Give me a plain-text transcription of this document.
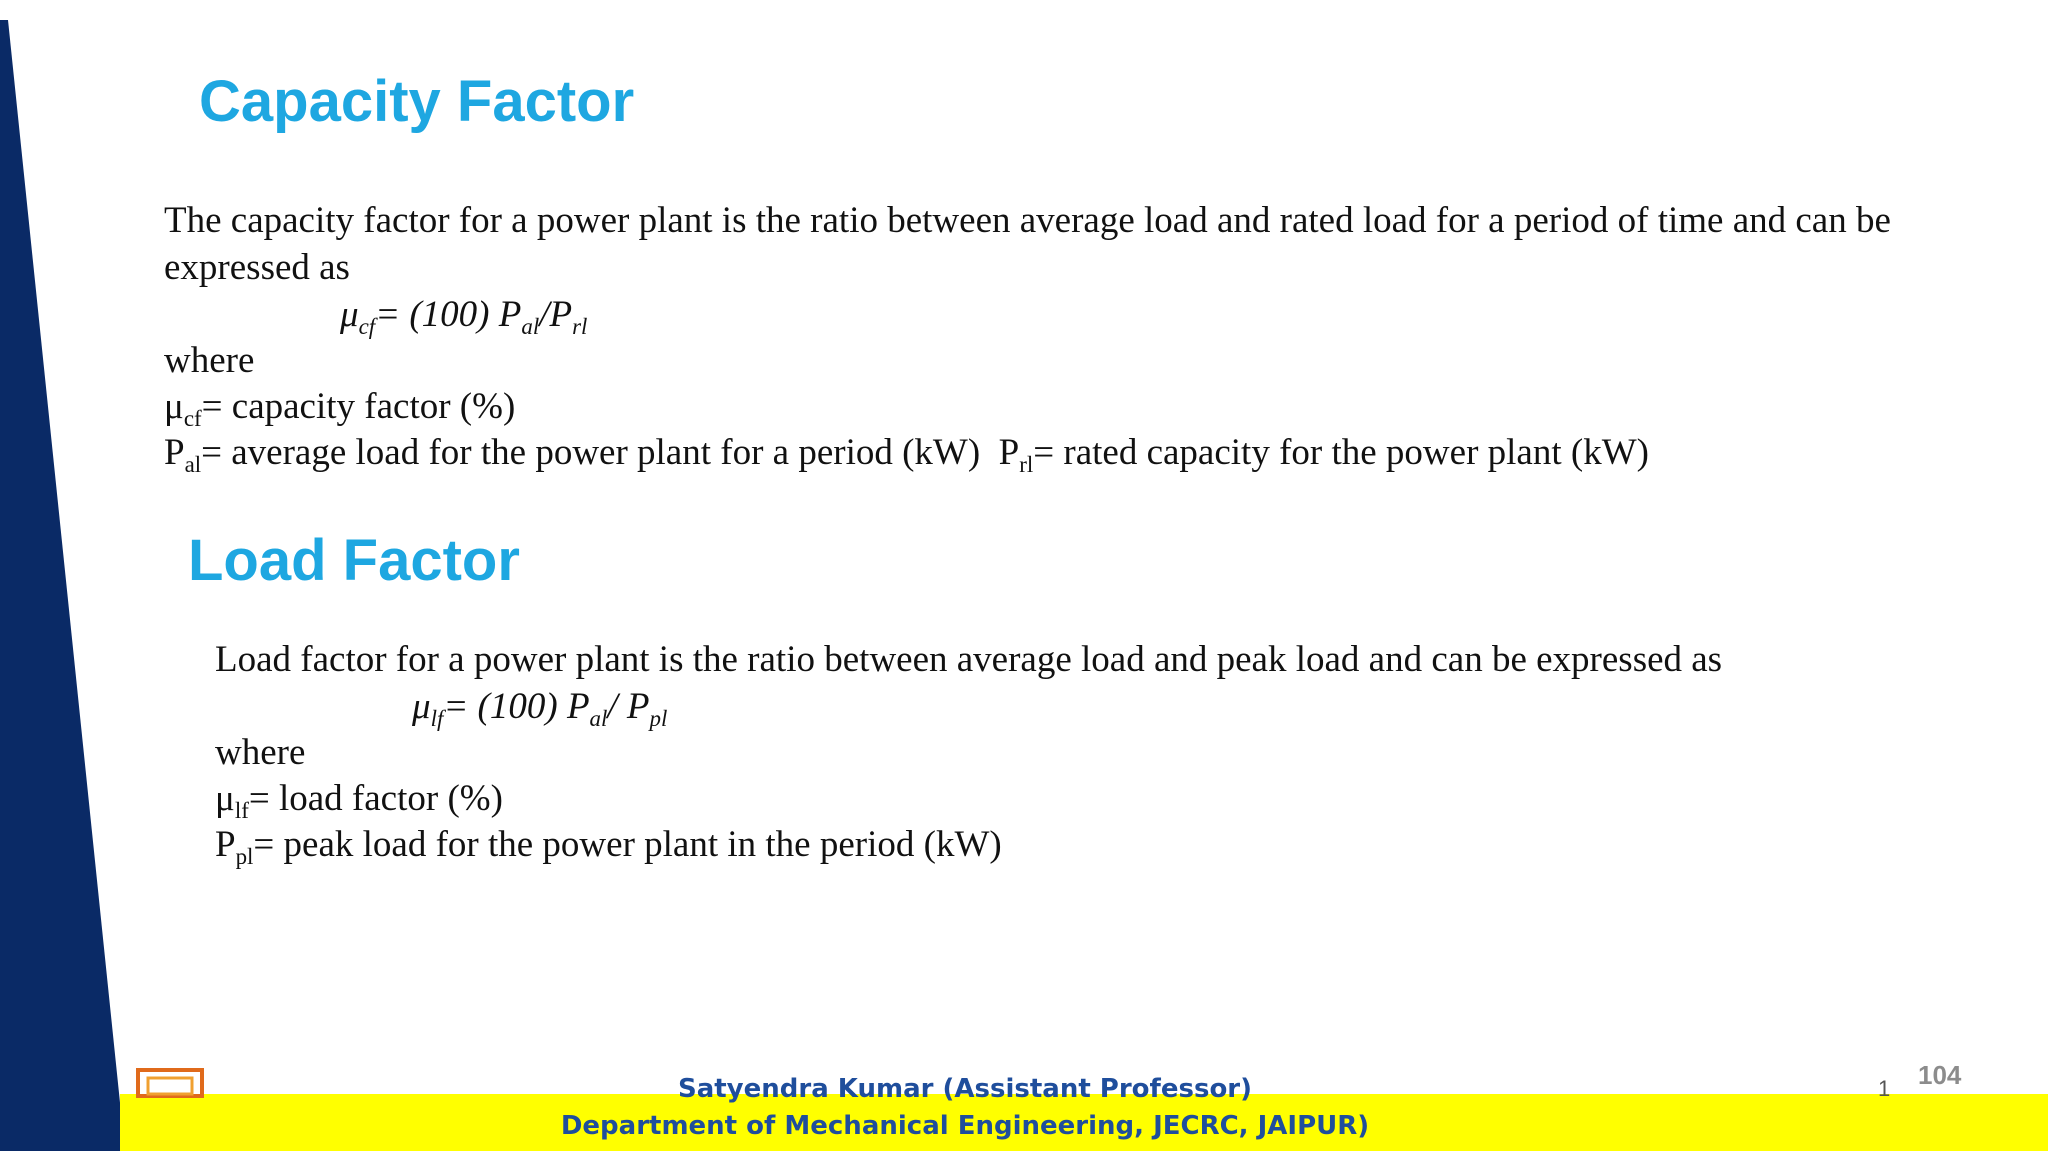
Capacity Factor
The capacity factor for a power plant is the ratio between average load and rated load for a period of time and can be
expressed as
$\mu_{cf}= (100)$ $P_{al}/P_{rl}$
where
$\mu_{cf}=$ capacity factor (%)
$P_{al}=$ average load for the power plant for a period (kW) $P_{rl}=$ rated capacity for the power plant (kW)
Load Factor
Load factor for a power plant is the ratio between average load and peak load and can be expressed as
$\mu_{lf}= (100)$ $P_{al}/$ $P_{pl}$
where
$\mu_{lf}=$ load factor (%)
$P_{pl}=$ peak load for the power plant in the period (kW)
Satyendra Kumar (Assistant Professor)
Department of Mechanical Engineering, JECRC, JAIPUR)
1 104
